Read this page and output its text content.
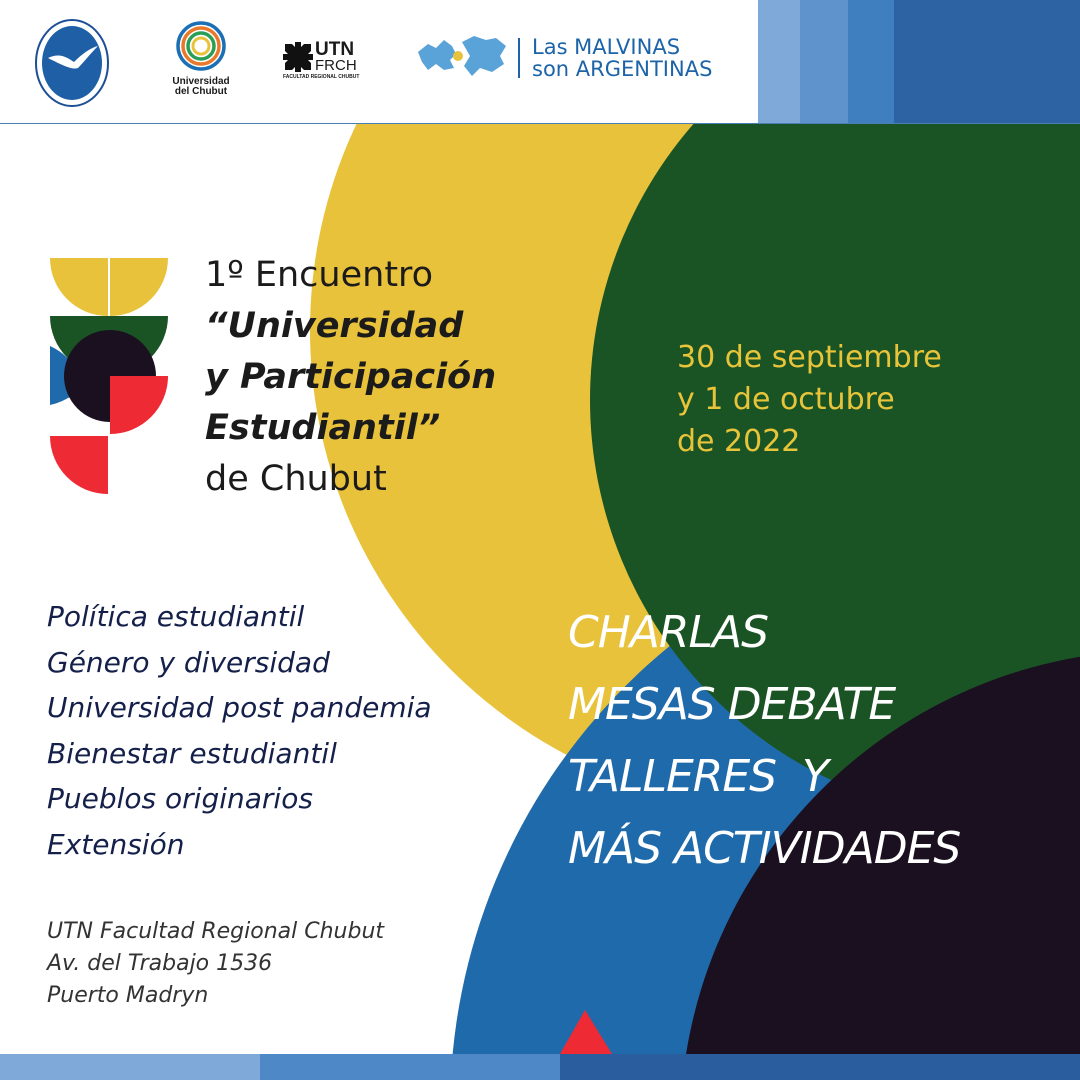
Universidad
del Chubut
UTN
FRCH
FACULTAD REGIONAL CHUBUT
Las MALVINAS
son ARGENTINAS
1º Encuentro
“Universidad
y Participación
Estudiantil”
de Chubut
30 de septiembre
y 1 de octubre
de 2022
Política estudiantil
Género y diversidad
Universidad post pandemia
Bienestar estudiantil
Pueblos originarios
Extensión
CHARLAS
MESAS DEBATE
TALLERES  Y
MÁS ACTIVIDADES
UTN Facultad Regional Chubut
Av. del Trabajo 1536
Puerto Madryn
